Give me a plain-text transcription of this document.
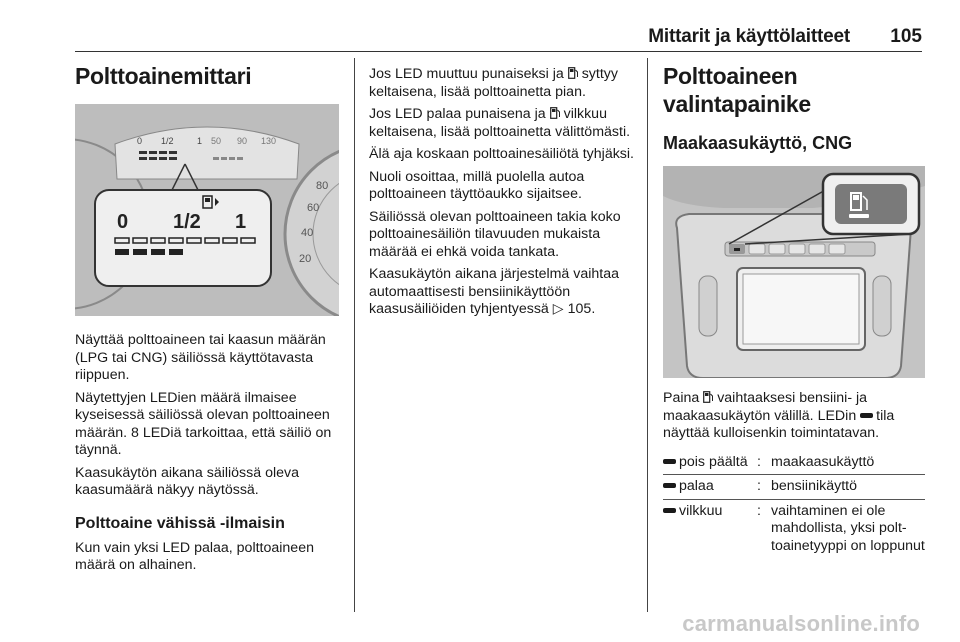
Mittarit ja käyttölaitteet 105
Polttoainemittari
80
60
40
20
0 1/2	1 50 90 130
0 1/2 1

Näyttää polttoaineen tai kaasun määrän (LPG tai CNG) säiliössä käyttötavasta riippuen.

Näytettyjen LEDien määrä ilmaisee kyseisessä säiliössä olevan polttoaineen määrän. 8 LEDiä tarkoittaa, että säiliö on täynnä.

Kaasukäytön aikana säiliössä oleva kaasumäärä näkyy näytössä.

Polttoaine vähissä -ilmaisin

Kun vain yksi LED palaa, polttoaineen määrä on alhainen.

Jos LED muuttuu punaiseksi ja syttyy keltaisena, lisää polttoainetta pian.

Jos LED palaa punaisena ja vilkkuu keltaisena, lisää polttoainetta välittömästi.

Älä aja koskaan polttoainesäiliötä tyhjäksi.

Nuoli osoittaa, millä puolella autoa polttoaineen täyttöaukko sijaitsee.

Säiliössä olevan polttoaineen takia koko polttoainesäiliön tilavuuden mukaista määrää ei ehkä voida tankata.

Kaasukäytön aikana järjestelmä vaihtaa automaattisesti bensiinikäyttöön kaasusäiliöiden tyhjentyessä ▷ 105.

Polttoaineen valintapainike
Maakaasukäyttö, CNG

Paina vaihtaaksesi bensiini- ja maakaasukäytön välillä. LEDin tila näyttää kulloisenkin toimintatavan.

pois päältä : maakaasukäyttö
palaa	: bensiinikäyttö
vilkkuu	: vaihtaminen ei ole mahdollista, yksi polttoainetyyppi on loppunut
carmanualsonline.info
